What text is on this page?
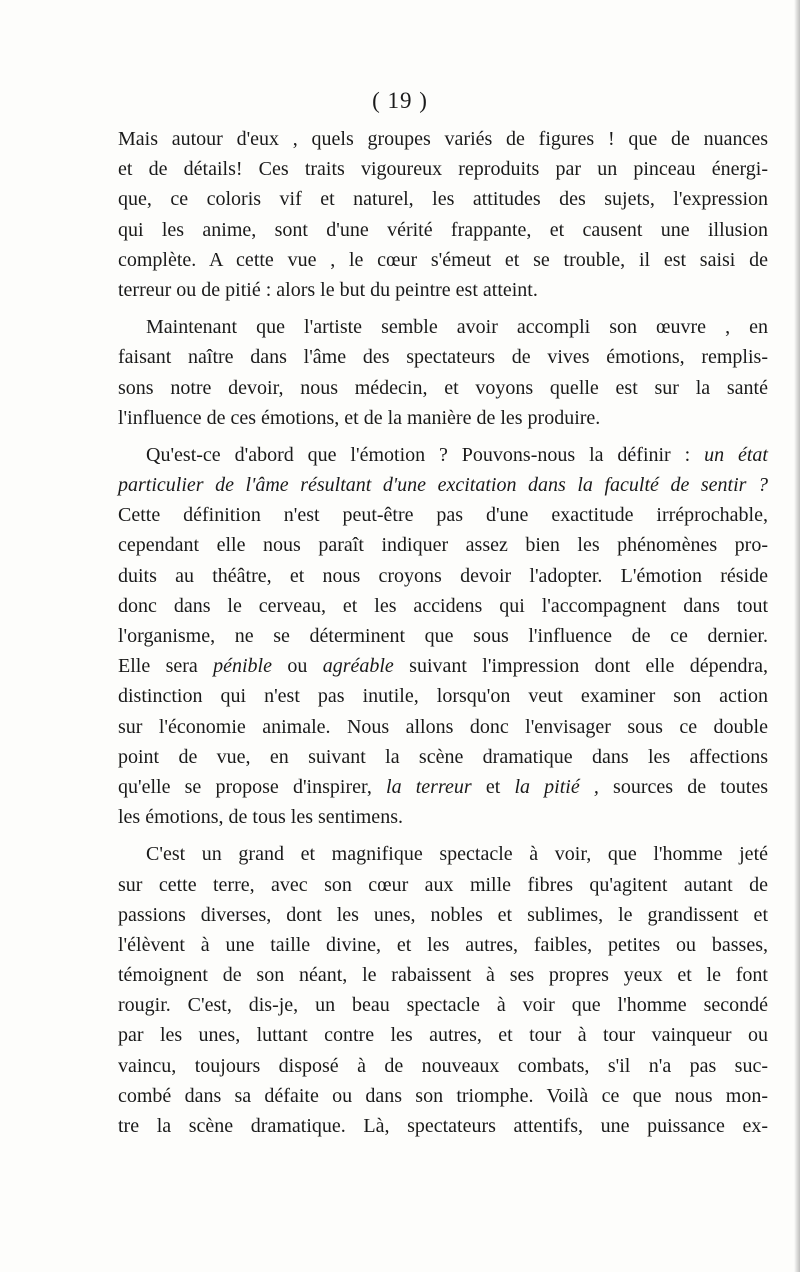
( 19 )
Mais autour d'eux , quels groupes variés de figures ! que de nuances
et de détails! Ces traits vigoureux reproduits par un pinceau énergi-
que, ce coloris vif et naturel, les attitudes des sujets, l'expression
qui les anime, sont d'une vérité frappante, et causent une illusion
complète. A cette vue , le cœur s'émeut et se trouble, il est saisi de
terreur ou de pitié : alors le but du peintre est atteint.
Maintenant que l'artiste semble avoir accompli son œuvre , en
faisant naître dans l'âme des spectateurs de vives émotions, remplis-
sons notre devoir, nous médecin, et voyons quelle est sur la santé
l'influence de ces émotions, et de la manière de les produire.
Qu'est-ce d'abord que l'émotion ? Pouvons-nous la définir : un état
particulier de l'âme résultant d'une excitation dans la faculté de sentir ?
Cette définition n'est peut-être pas d'une exactitude irréprochable,
cependant elle nous paraît indiquer assez bien les phénomènes pro-
duits au théâtre, et nous croyons devoir l'adopter. L'émotion réside
donc dans le cerveau, et les accidens qui l'accompagnent dans tout
l'organisme, ne se déterminent que sous l'influence de ce dernier.
Elle sera pénible ou agréable suivant l'impression dont elle dépendra,
distinction qui n'est pas inutile, lorsqu'on veut examiner son action
sur l'économie animale. Nous allons donc l'envisager sous ce double
point de vue, en suivant la scène dramatique dans les affections
qu'elle se propose d'inspirer, la terreur et la pitié , sources de toutes
les émotions, de tous les sentimens.
C'est un grand et magnifique spectacle à voir, que l'homme jeté
sur cette terre, avec son cœur aux mille fibres qu'agitent autant de
passions diverses, dont les unes, nobles et sublimes, le grandissent et
l'élèvent à une taille divine, et les autres, faibles, petites ou basses,
témoignent de son néant, le rabaissent à ses propres yeux et le font
rougir. C'est, dis-je, un beau spectacle à voir que l'homme secondé
par les unes, luttant contre les autres, et tour à tour vainqueur ou
vaincu, toujours disposé à de nouveaux combats, s'il n'a pas suc-
combé dans sa défaite ou dans son triomphe. Voilà ce que nous mon-
tre la scène dramatique. Là, spectateurs attentifs, une puissance ex-
